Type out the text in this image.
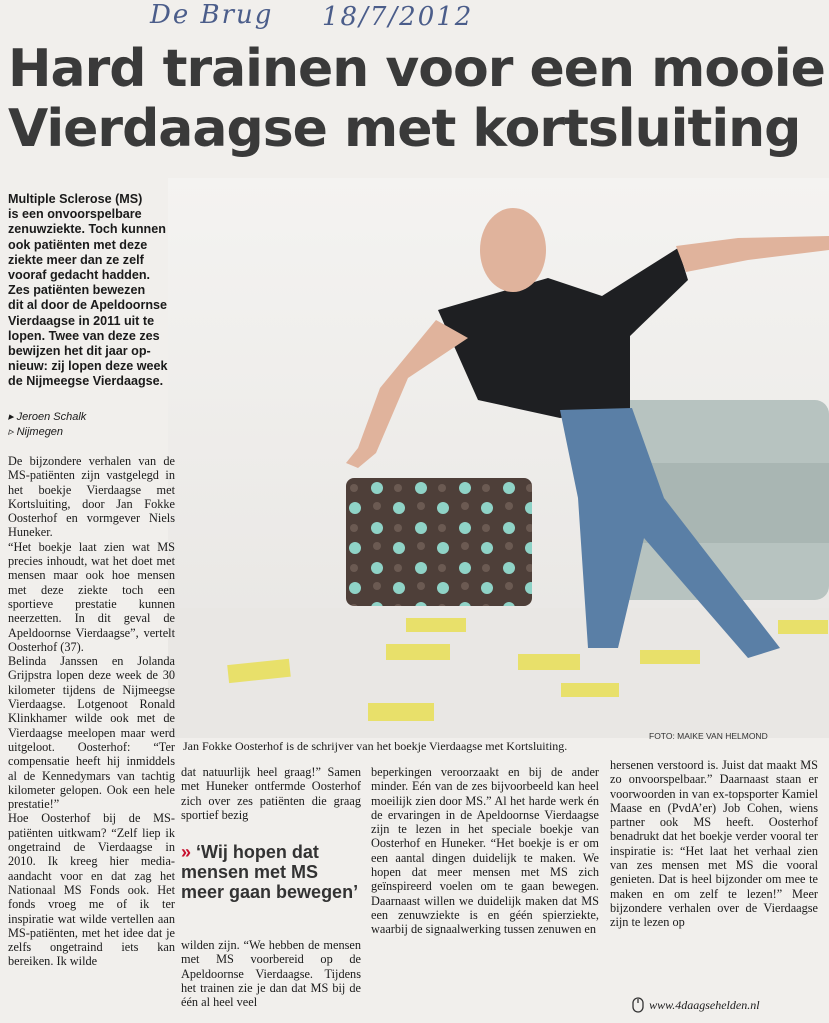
De Brug 18/7/2012
Hard trainen voor een mooie
Vierdaagse met kortsluiting
Multiple Sclerose (MS)
is een onvoorspelbare
zenuwziekte. Toch kunnen
ook patiënten met deze
ziekte meer dan ze zelf
vooraf gedacht hadden.
Zes patiënten bewezen
dit al door de Apeldoornse
Vierdaagse in 2011 uit te
lopen. Twee van deze zes
bewijzen het dit jaar op-
nieuw: zij lopen deze week
de Nijmeegse Vierdaagse.
▸ Jeroen Schalk
▹ Nijmegen

De bijzondere verhalen van de MS-patiënten zijn vastgelegd in het boekje Vierdaagse met Kortsluiting, door Jan Fokke Oosterhof en vormgever Niels Huneker.

“Het boekje laat zien wat MS precies inhoudt, wat het doet met mensen maar ook hoe mensen met deze ziekte toch een sportieve prestatie kunnen neerzetten. In dit geval de Apeldoornse Vierdaagse”, vertelt Oosterhof (37).

Belinda Janssen en Jolanda Grijpstra lopen deze week de 30 kilometer tijdens de Nijmeegse Vierdaagse. Lotgenoot Ronald Klinkhamer wilde ook met de Vierdaagse meelopen maar werd uitgeloot. Oosterhof: “Ter compensatie heeft hij inmiddels al de Kennedymars van tachtig kilometer gelopen. Ook een hele prestatie!”

Hoe Oosterhof bij de MS-patiënten uitkwam? “Zelf liep ik ongetraind de Vierdaagse in 2010. Ik kreeg hier media-aandacht voor en dat zag het Nationaal MS Fonds ook. Het fonds vroeg me of ik ter inspiratie wat wilde vertellen aan MS-patiënten, met het idee dat je zelfs ongetraind iets kan bereiken. Ik wilde

Jan Fokke Oosterhof is de schrijver van het boekje Vierdaagse met Kortsluiting.
FOTO: MAIKE VAN HELMOND
dat natuurlijk heel graag!” Samen met Huneker ontfermde Oosterhof zich over zes patiënten die graag sportief bezig
» ‘Wij hopen dat mensen met MS meer gaan bewegen’
wilden zijn. “We hebben de mensen met MS voorbereid op de Apeldoornse Vierdaagse. Tijdens het trainen zie je dan dat MS bij de één al heel veel
beperkingen veroorzaakt en bij de ander minder. Eén van de zes bijvoorbeeld kan heel moeilijk zien door MS.” Al het harde werk én de ervaringen in de Apeldoornse Vierdaagse zijn te lezen in het speciale boekje van Oosterhof en Huneker. “Het boekje is er om een aantal dingen duidelijk te maken. We hopen dat meer mensen met MS zich geïnspireerd voelen om te gaan bewegen. Daarnaast willen we duidelijk maken dat MS een zenuwziekte is en géén spierziekte, waarbij de signaalwerking tussen zenuwen en
hersenen verstoord is. Juist dat maakt MS zo onvoorspelbaar.” Daarnaast staan er voorwoorden in van ex-topsporter Kamiel Maase en (PvdA’er) Job Cohen, wiens partner ook MS heeft. Oosterhof benadrukt dat het boekje verder vooral ter inspiratie is: “Het laat het verhaal zien van zes mensen met MS die vooral genieten. Dat is heel bijzonder om mee te maken en om zelf te lezen!” Meer bijzondere verhalen over de Vierdaagse zijn te lezen op
www.4daagsehelden.nl
